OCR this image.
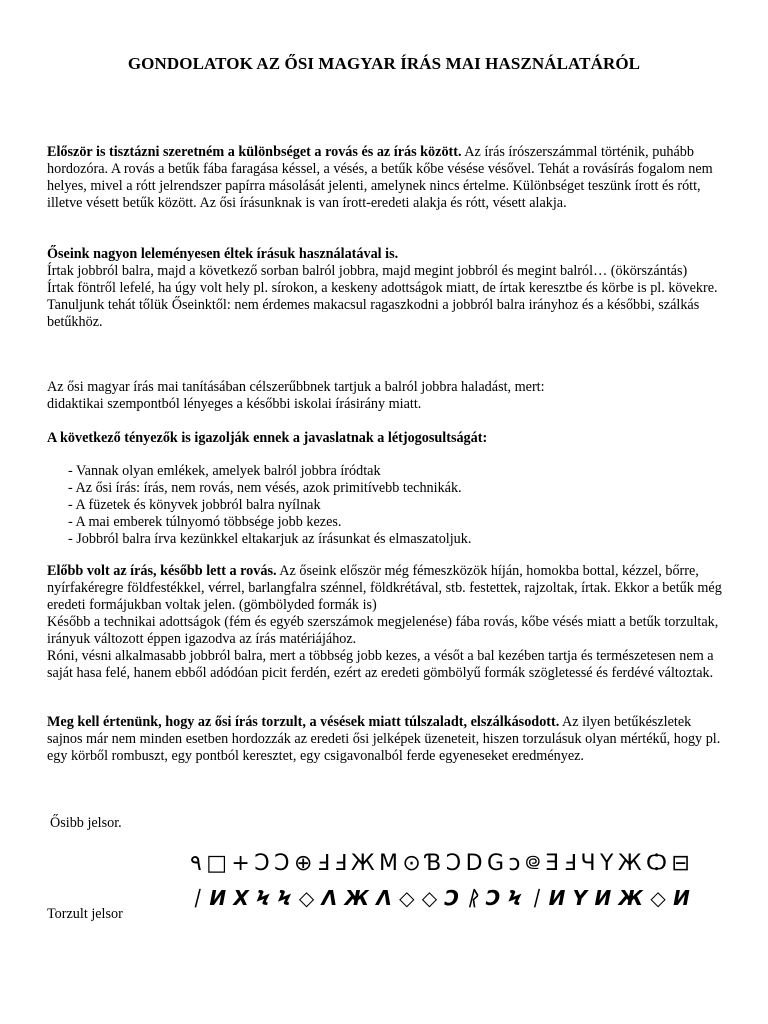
GONDOLATOK AZ ŐSI MAGYAR ÍRÁS MAI HASZNÁLATÁRÓL

Először is tisztázni szeretném a különbséget a rovás és az írás között. Az írás írószerszámmal történik, puhább hordozóra. A rovás a betűk fába faragása késsel, a vésés, a betűk kőbe vésése vésővel. Tehát a rovásírás fogalom nem helyes, mivel a rótt jelrendszer papírra másolását jelenti, amelynek nincs értelme. Különbséget teszünk írott és rótt, illetve vésett betűk között. Az ősi írásunknak is van írott-eredeti alakja és rótt, vésett alakja.

Őseink nagyon leleményesen éltek írásuk használatával is.

Írtak jobbról balra, majd a következő sorban balról jobbra, majd megint jobbról és megint balról… (ökörszántás)

Írtak föntről lefelé, ha úgy volt hely pl. sírokon, a keskeny adottságok miatt, de írtak keresztbe és körbe is pl. kövekre.

Tanuljunk tehát tőlük Őseinktől: nem érdemes makacsul ragaszkodni a jobbról balra irányhoz és a későbbi, szálkás betűkhöz.

Az ősi magyar írás mai tanításában célszerűbbnek tartjuk a balról jobbra haladást, mert:

didaktikai szempontból lényeges a későbbi iskolai írásirány miatt.

A következő tényezők is igazolják ennek a javaslatnak a létjogosultságát:

- Vannak olyan emlékek, amelyek balról jobbra íródtak
- Az ősi írás: írás, nem rovás, nem vésés, azok primitívebb technikák.
- A füzetek és könyvek jobbról balra nyílnak
- A mai emberek túlnyomó többsége jobb kezes.
- Jobbról balra írva kezünkkel eltakarjuk az írásunkat és elmaszatoljuk.

Előbb volt az írás, később lett a rovás. Az őseink először még fémeszközök híján, homokba bottal, kézzel, bőrre, nyírfakéregre földfestékkel, vérrel, barlangfalra szénnel, földkrétával, stb. festettek, rajzoltak, írtak. Ekkor a betűk még eredeti formájukban voltak jelen. (gömbölyded formák is)

Később a technikai adottságok (fém és egyéb szerszámok megjelenése) fába rovás, kőbe vésés miatt a betűk torzultak, irányuk változott éppen igazodva az írás matériájához.

Róni, vésni alkalmasabb jobbról balra, mert a többség jobb kezes, a vésőt a bal kezében tartja és természetesen nem a saját hasa felé, hanem ebből adódóan picit ferdén, ezért az eredeti gömbölyű formák szögletessé és ferdévé változtak.

Meg kell értenünk, hogy az ősi írás torzult, a vésések miatt túlszaladt, elszálkásodott. Az ilyen betűkészletek sajnos már nem minden esetben hordozzák az eredeti ősi jelképek üzeneteit, hiszen torzulásuk olyan mértékű, hogy pl. egy körből rombuszt, egy pontból keresztet, egy csigavonalból ferde egyeneseket eredményez.

Ősibb jelsor.
٩ □ + Ɔ Ɔ ⊕ Ⅎ Ⅎ Ж M ⊙ Ɓ Ɔ D G ↄ ᪤ Ǝ Ⅎ Ɥ Y Ж Ѻ ⊟
ᛁ И X Ϟ Ϟ ◇ Λ Ж Λ ◇ ◇ Ͻ ᚱ Ɔ Ϟ ᛁ И Y И Ж ◇ И
Torzult jelsor
